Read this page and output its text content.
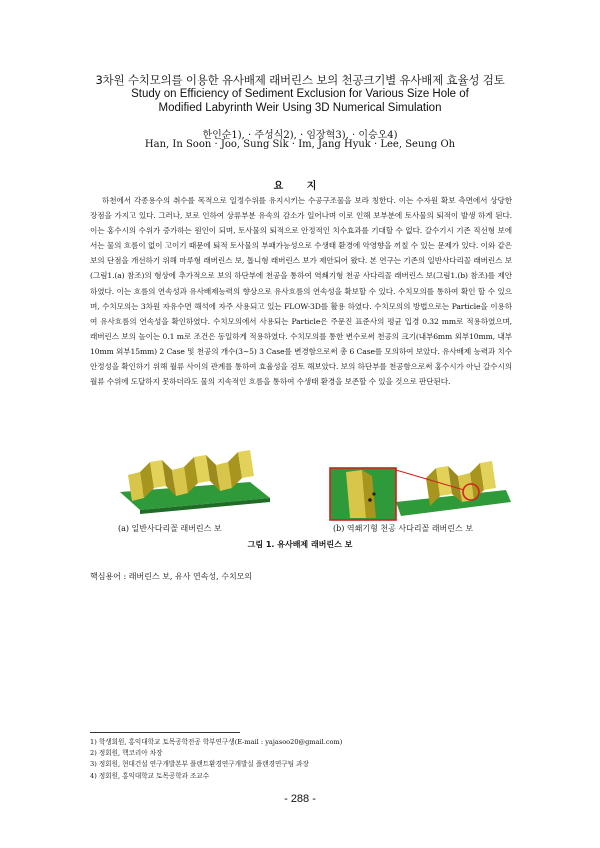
3차원 수치모의를 이용한 유사배제 래버린스 보의 천공크기별 유사배제 효율성 검토
Study on Efficiency of Sediment Exclusion for Various Size Hole of
Modified Labyrinth Weir Using 3D Numerical Simulation
한인순1), · 주성식2), · 임장혁3), · 이승오4)
Han, In Soon · Joo, Sung Sik · Im, Jang Hyuk · Lee, Seung Oh
요 지

하천에서 각종용수의 취수를 목적으로 일정수위를 유지시키는 수공구조물을 보라 칭한다. 이는 수자원 확보 측면에서 상당한 장점을 가지고 있다. 그러나, 보로 인하여 상류부분 유속의 감소가 일어나며 이로 인해 보부분에 토사물의 퇴적이 발생 하게 된다. 이는 홍수시의 수위가 증가하는 원인이 되며, 토사물의 퇴적으로 안정적인 치수효과를 기대할 수 없다. 갈수기시 기존 직선형 보에서는 물의 흐름이 없이 고이기 때문에 퇴적 토사물의 부패가능성으로 수생태 환경에 악영향을 끼칠 수 있는 문제가 있다. 이와 같은 보의 단점을 개선하기 위해 마루형 래버린스 보, 톱니형 래버린스 보가 제안되어 왔다. 본 연구는 기존의 일반사다리꼴 래버린스 보(그림1.(a) 참조)의 형상에 추가적으로 보의 하단부에 천공을 통하여 역쐐기형 천공 사다리꼴 래버린스 보(그림1.(b) 참조)를 제안하였다. 이는 흐름의 연속성과 유사배제능력의 향상으로 유사흐름의 연속성을 확보할 수 있다. 수치모의를 통하여 확인 할 수 있으며, 수치모의는 3차원 자유수면 해석에 자주 사용되고 있는 FLOW-3D를 활용 하였다. 수치모의의 방법으로는 Particle을 이용하여 유사흐름의 연속성을 확인하였다. 수치모의에서 사용되는 Particle은 주문진 표준사의 평균 입경 0.32 mm로 적용하였으며, 래버린스 보의 높이는 0.1 m로 조건은 동일하게 적용하였다. 수치모의를 통한 변수로써 천공의 크기(내부6mm 외부10mm, 내부10mm 외부15mm) 2 Case 및 천공의 개수(3∼5) 3 Case를 변경함으로써 총 6 Case를 모의하여 보았다. 유사배제 능력과 치수안정성을 확인하기 위해 월류 사이의 관계를 통하여 효율성을 검토 해보았다. 보의 하단부를 천공함으로써 홍수시가 아닌 갈수시의 월류 수위에 도달하지 못하더라도 물의 지속적인 흐름을 통하여 수생태 환경을 보존할 수 있을 것으로 판단된다.

(a) 일반사다리꼴 래버린스 보	(b) 역쐐기형 천공 사다리꼴 래버린스 보
그림 1. 유사배제 래버린스 보
핵심용어 : 래버린스 보, 유사 연속성, 수치모의
1) 학생회원, 홍익대학교 토목공학전공 학부연구생(E-mail : yajasoo20@gmail.com)
2) 정회원, 핵코리아 차장
3) 정회원, 현대건설 연구개발본부 플랜트환경연구개발실 플랜경연구팀 과장
4) 정회원, 홍익대학교 토목공학과 조교수
- 288 -
